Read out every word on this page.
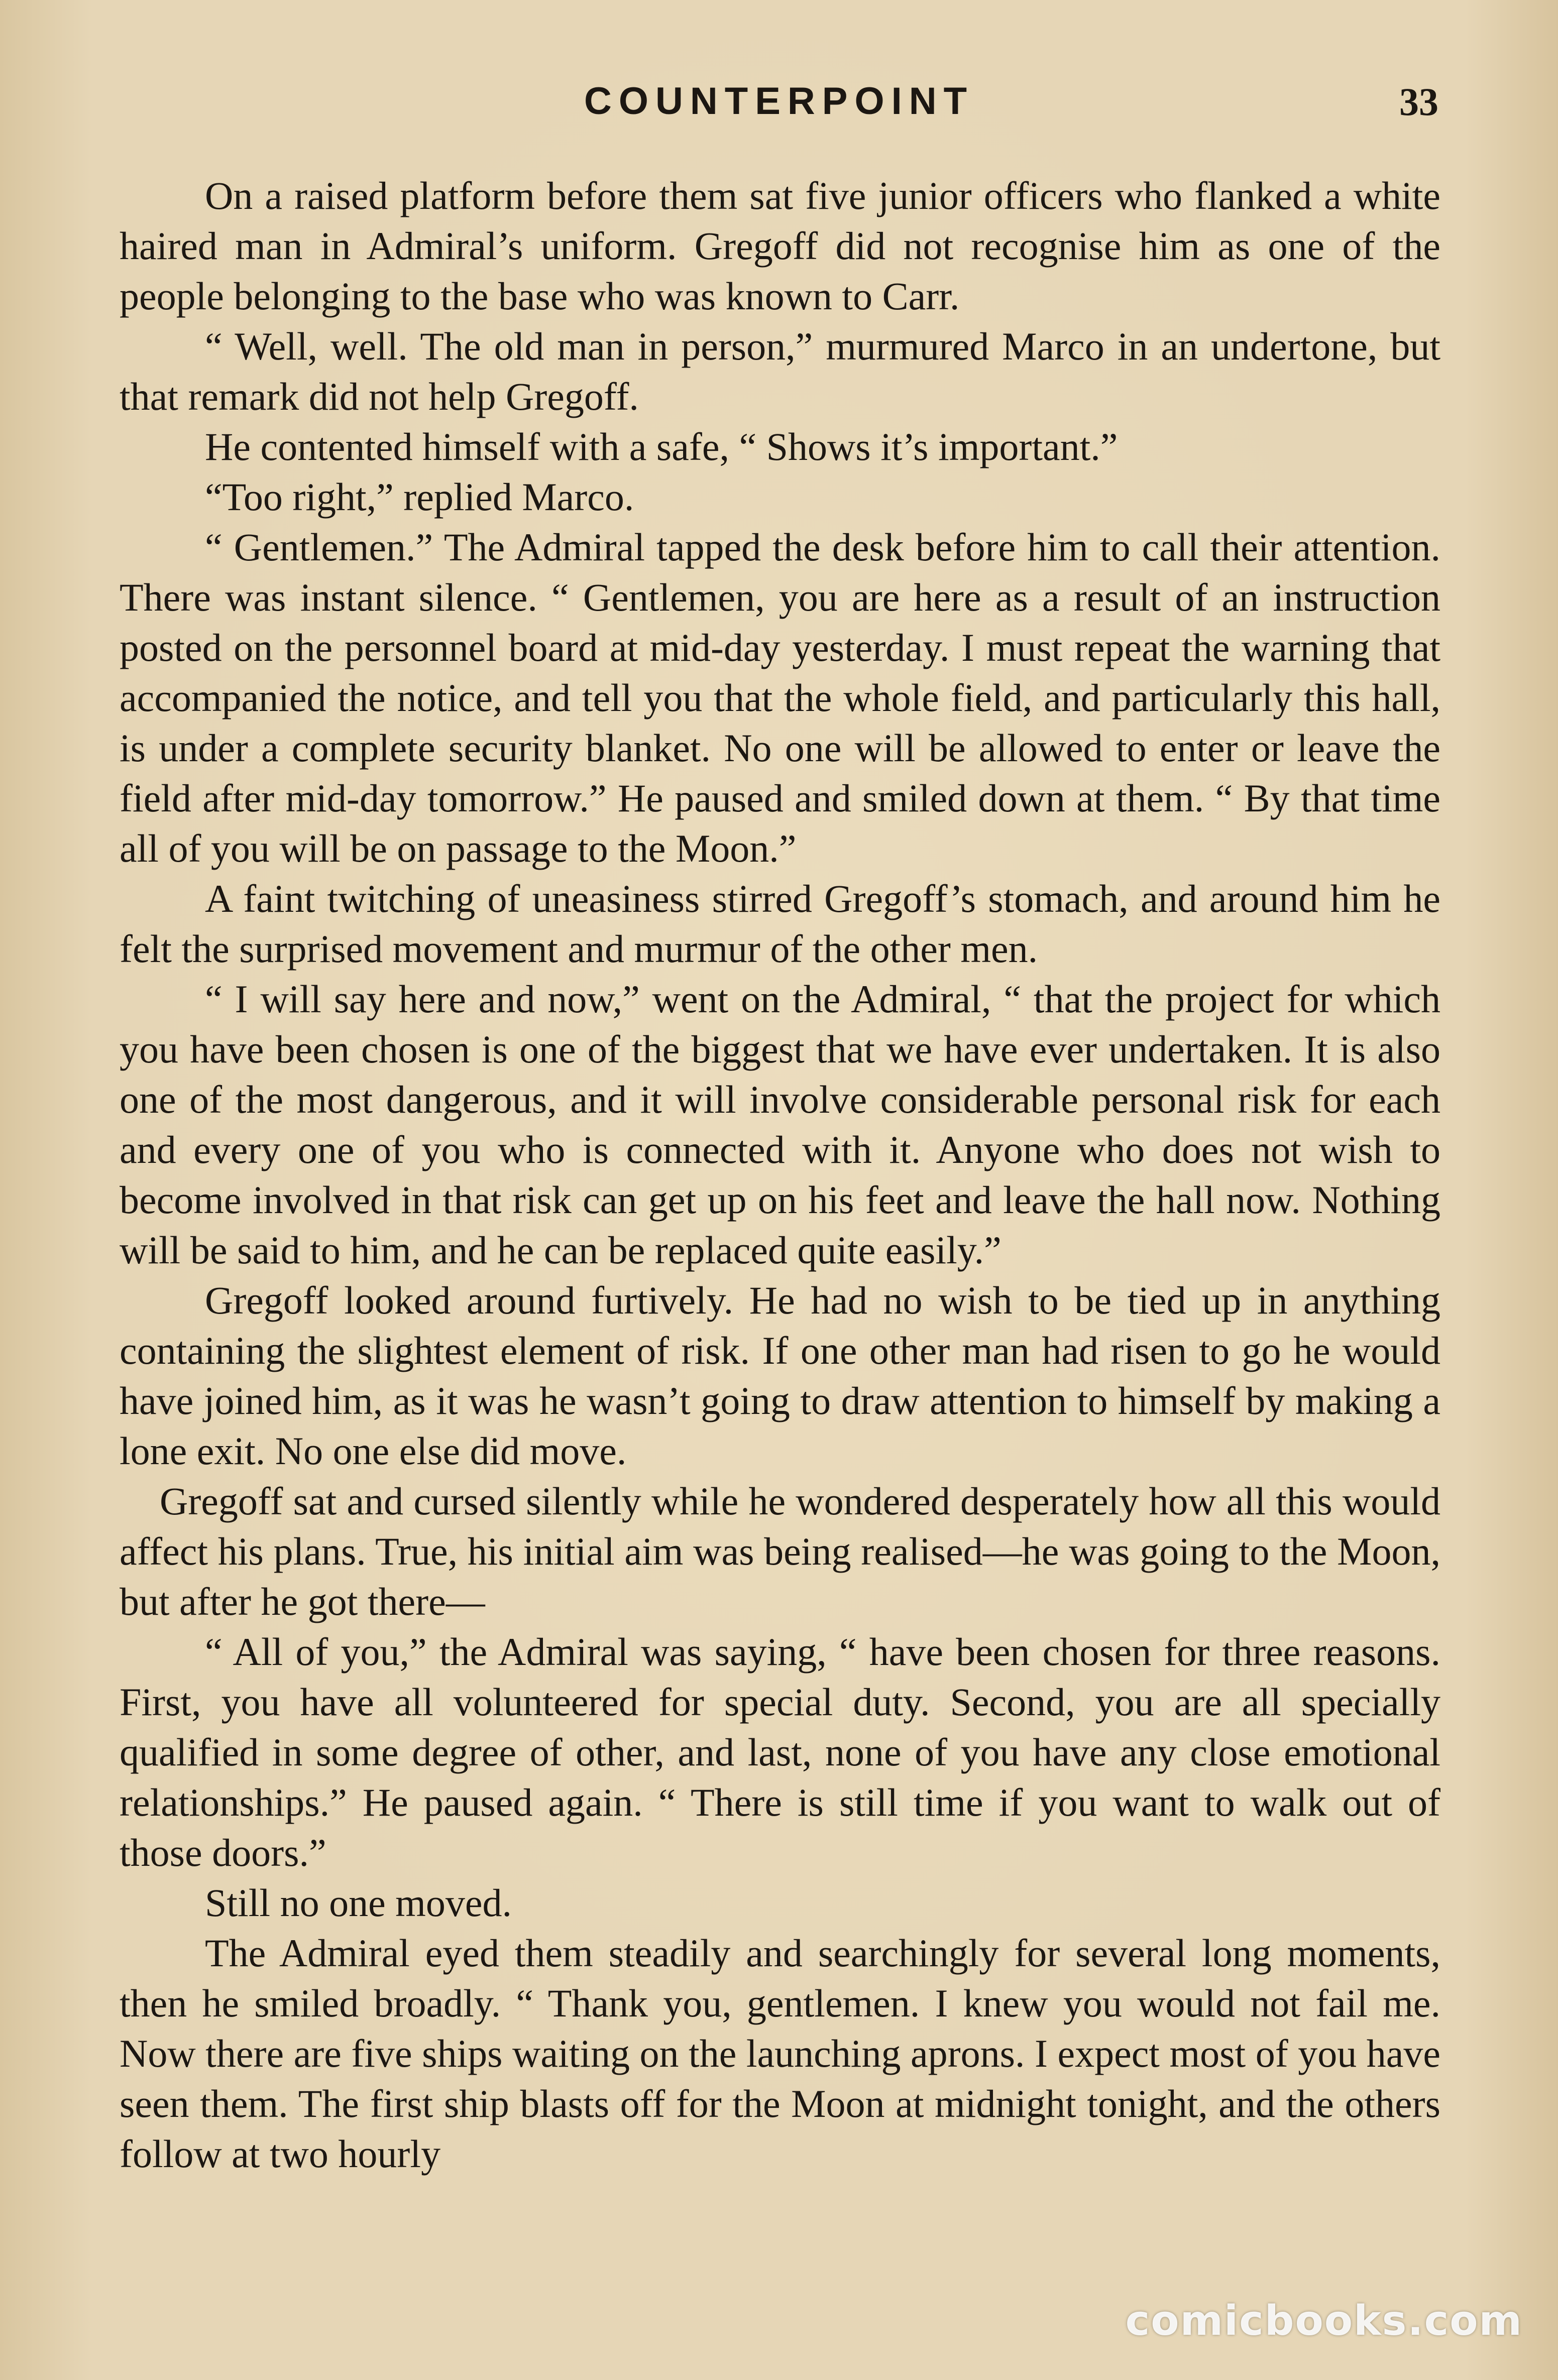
COUNTERPOINT	33

On a raised platform before them sat five junior officers who flanked a white haired man in Admiral’s uniform. Gregoff did not recognise him as one of the people belonging to the base who was known to Carr.

“ Well, well. The old man in person,” murmured Marco in an undertone, but that remark did not help Gregoff.

He contented himself with a safe, “ Shows it’s important.”

“Too right,” replied Marco.

“ Gentlemen.” The Admiral tapped the desk before him to call their attention. There was instant silence. “ Gentlemen, you are here as a result of an instruction posted on the personnel board at mid-day yesterday. I must repeat the warning that accompanied the notice, and tell you that the whole field, and particularly this hall, is under a complete security blanket. No one will be allowed to enter or leave the field after mid-day tomorrow.” He paused and smiled down at them. “ By that time all of you will be on passage to the Moon.”

A faint twitching of uneasiness stirred Gregoff’s stomach, and around him he felt the surprised movement and murmur of the other men.

“ I will say here and now,” went on the Admiral, “ that the project for which you have been chosen is one of the biggest that we have ever undertaken. It is also one of the most dangerous, and it will involve considerable personal risk for each and every one of you who is connected with it. Anyone who does not wish to become involved in that risk can get up on his feet and leave the hall now. Nothing will be said to him, and he can be replaced quite easily.”

Gregoff looked around furtively. He had no wish to be tied up in anything containing the slightest element of risk. If one other man had risen to go he would have joined him, as it was he wasn’t going to draw attention to himself by making a lone exit. No one else did move.

Gregoff sat and cursed silently while he wondered desperately how all this would affect his plans. True, his initial aim was being realised—he was going to the Moon, but after he got there—

“ All of you,” the Admiral was saying, “ have been chosen for three reasons. First, you have all volunteered for special duty. Second, you are all specially qualified in some degree of other, and last, none of you have any close emotional relationships.” He paused again. “ There is still time if you want to walk out of those doors.”

Still no one moved.

The Admiral eyed them steadily and searchingly for several long moments, then he smiled broadly. “ Thank you, gentlemen. I knew you would not fail me. Now there are five ships waiting on the launching aprons. I expect most of you have seen them. The first ship blasts off for the Moon at midnight tonight, and the others follow at two hourly

comicbooks.com
